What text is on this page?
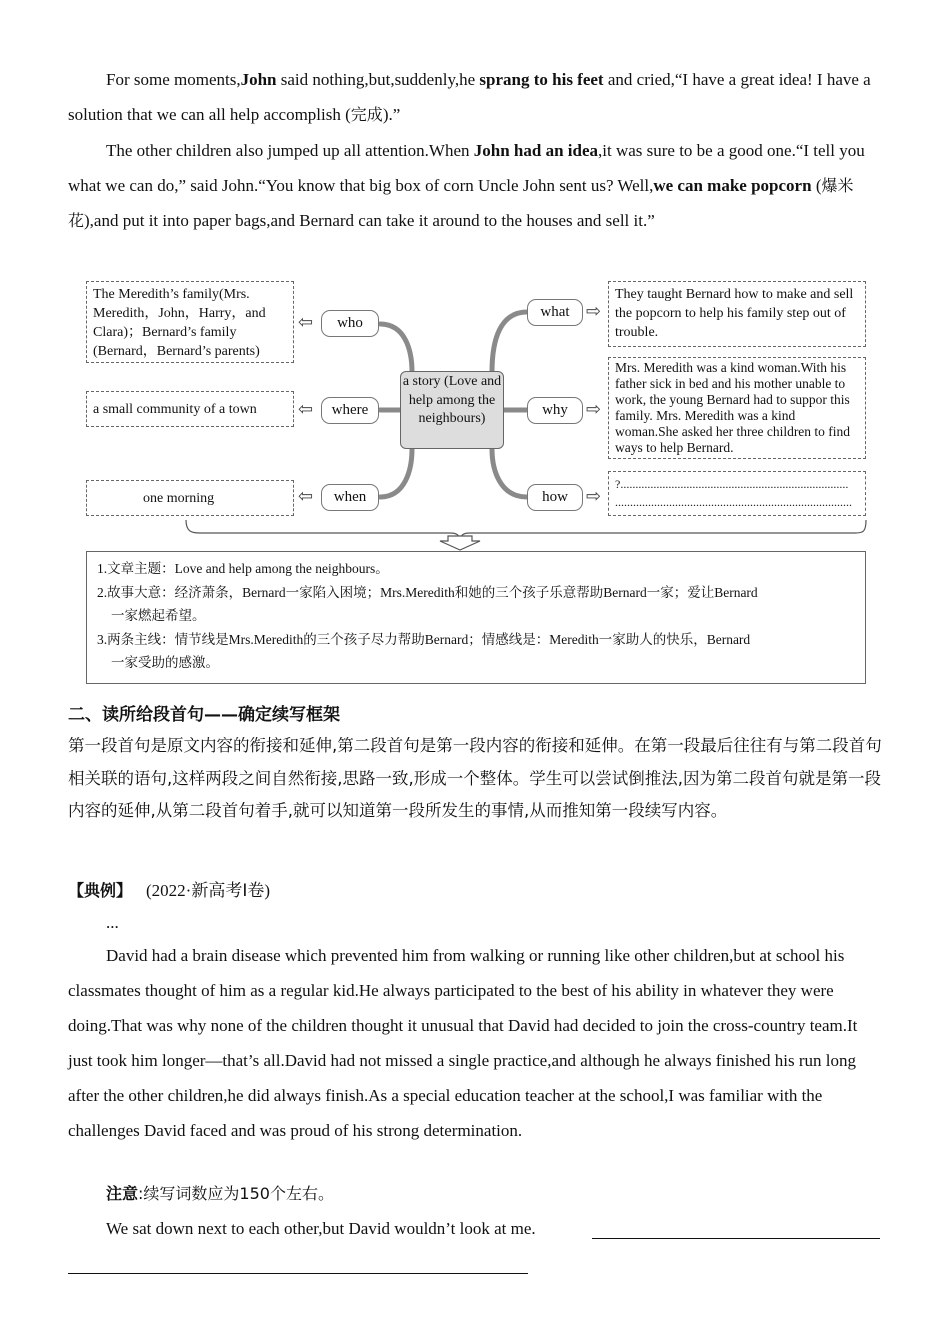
For some moments,John said nothing,but,suddenly,he sprang to his feet and cried,“I have a great idea! I have a solution that we can all help accomplish (完成).”

The other children also jumped up all attention.When John had an idea,it was sure to be a good one.“I tell you what we can do,” said John.“You know that big box of corn Uncle John sent us? Well,we can make popcorn (爆米花),and put it into paper bags,and Bernard can take it around to the houses and sell it.”

The Meredith’s family(Mrs. Meredith，John，Harry，and Clara)；Bernard’s family (Bernard，Bernard’s parents)
a small community of a town
one morning
⇦
⇦
⇦
who
where
when
a story (Love and help among the neighbours)
what
why
how
⇨
⇨
⇨
They taught Bernard how to make and sell the popcorn to help his family step out of trouble.
Mrs. Meredith was a kind woman.With his father sick in bed and his mother unable to work, the young Bernard had to suppor this family. Mrs. Meredith was a kind woman.She asked her three children to find ways to help Bernard.
?............................................................................
...............................................................................

1.文章主题：Love and help among the neighbours。

2.故事大意：经济萧条，Bernard一家陷入困境；Mrs.Meredith和她的三个孩子乐意帮助Bernard一家；爱让Bernard

一家燃起希望。

3.两条主线：情节线是Mrs.Meredith的三个孩子尽力帮助Bernard；情感线是：Meredith一家助人的快乐，Bernard

一家受助的感激。

二、读所给段首句——确定续写框架

第一段首句是原文内容的衔接和延伸,第二段首句是第一段内容的衔接和延伸。在第一段最后往往有与第二段首句相关联的语句,这样两段之间自然衔接,思路一致,形成一个整体。学生可以尝试倒推法,因为第二段首句就是第一段内容的延伸,从第二段首句着手,就可以知道第一段所发生的事情,从而推知第一段续写内容。

【典例】 (2022·新高考Ⅰ卷)

...

David had a brain disease which prevented him from walking or running like other children,but at school his classmates thought of him as a regular kid.He always participated to the best of his ability in whatever they were doing.That was why none of the children thought it unusual that David had decided to join the cross-country team.It just took him longer—that’s all.David had not missed a single practice,and although he always finished his run long after the other children,he did always finish.As a special education teacher at the school,I was familiar with the challenges David faced and was proud of his strong determination.

注意:续写词数应为150个左右。

We sat down next to each other,but David wouldn’t look at me.
